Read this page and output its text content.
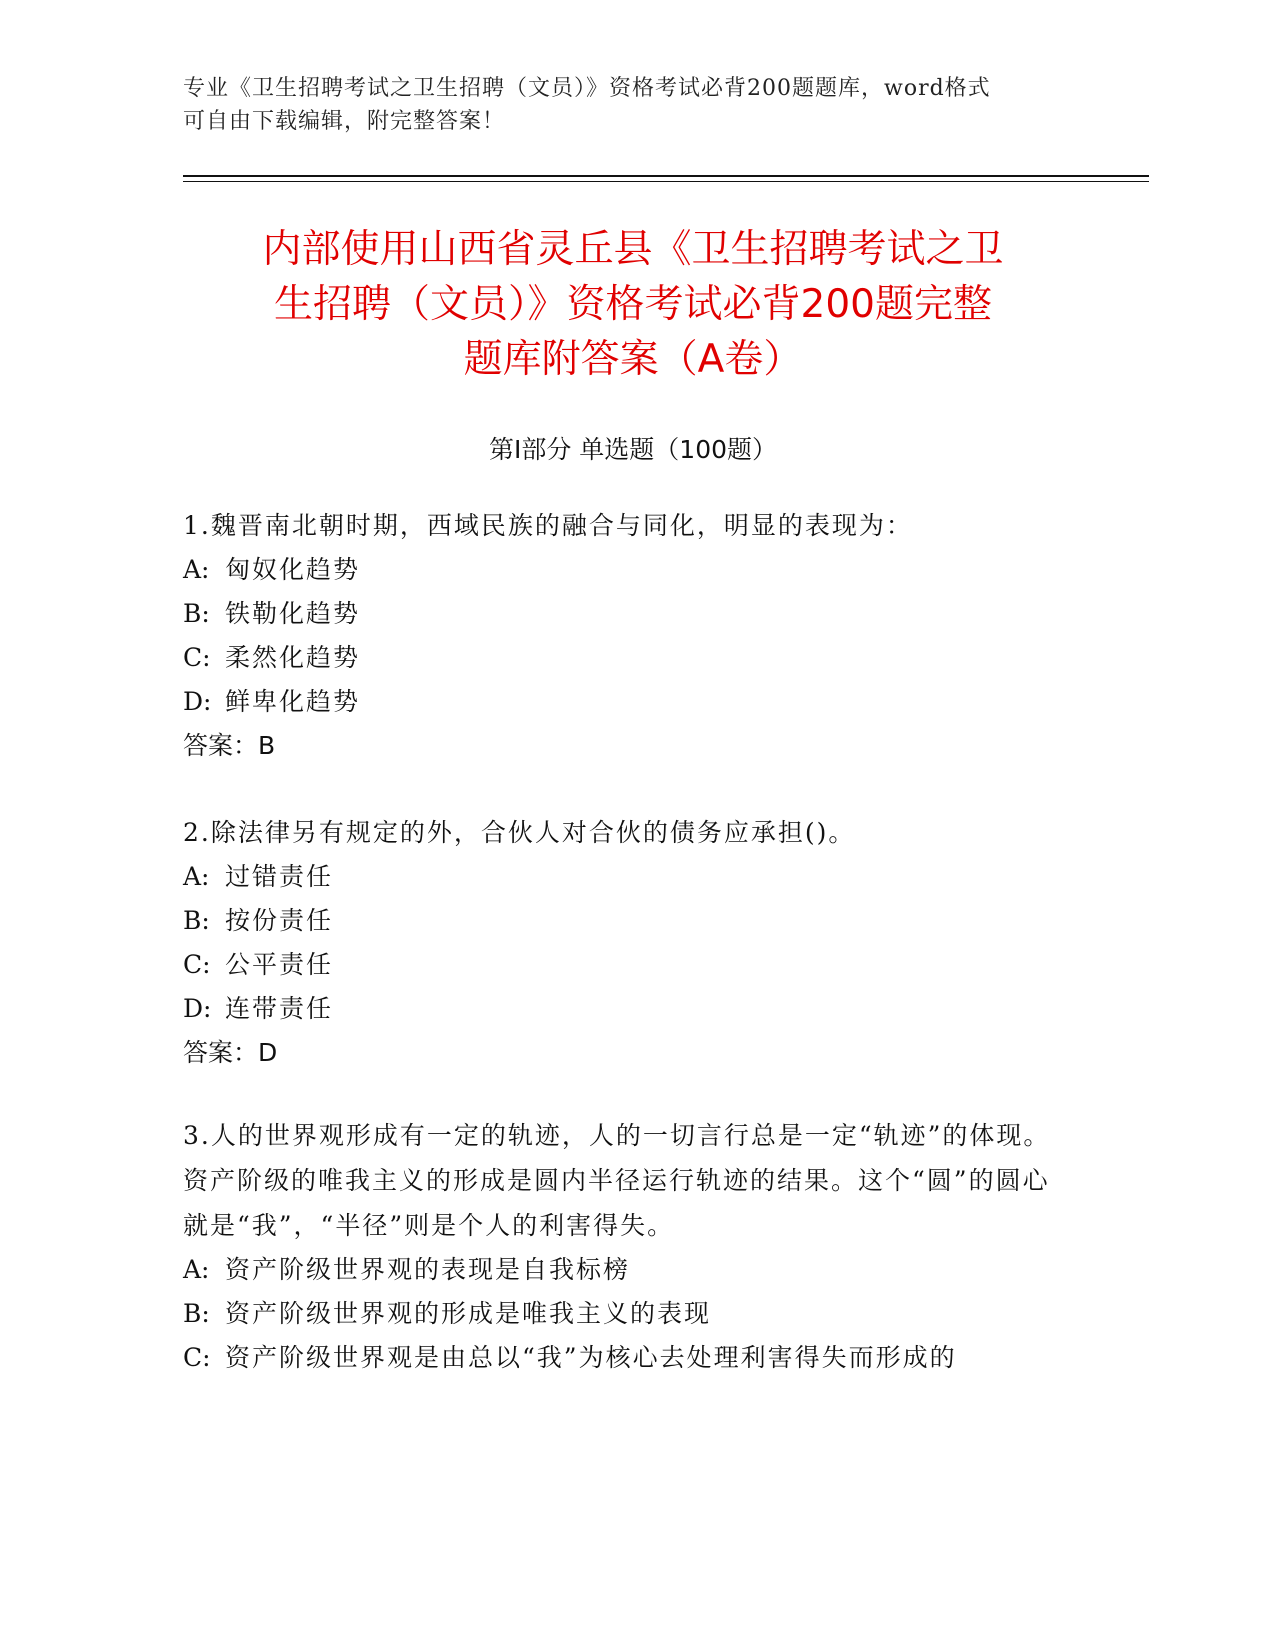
专业《卫生招聘考试之卫生招聘（文员）》资格考试必背200题题库，word格式
可自由下载编辑，附完整答案！
内部使用山西省灵丘县《卫生招聘考试之卫
生招聘（文员）》资格考试必背200题完整
题库附答案（A卷）
第Ⅰ部分 单选题（100题）
1.魏晋南北朝时期，西域民族的融合与同化，明显的表现为：
A: 匈奴化趋势
B: 铁勒化趋势
C: 柔然化趋势
D: 鲜卑化趋势
答案：B
2.除法律另有规定的外，合伙人对合伙的债务应承担()。
A: 过错责任
B: 按份责任
C: 公平责任
D: 连带责任
答案：D
3.人的世界观形成有一定的轨迹，人的一切言行总是一定“轨迹”的体现。资产阶级的唯我主义的形成是圆内半径运行轨迹的结果。这个“圆”的圆心就是“我”，“半径”则是个人的利害得失。
A: 资产阶级世界观的表现是自我标榜
B: 资产阶级世界观的形成是唯我主义的表现
C: 资产阶级世界观是由总以“我”为核心去处理利害得失而形成的
